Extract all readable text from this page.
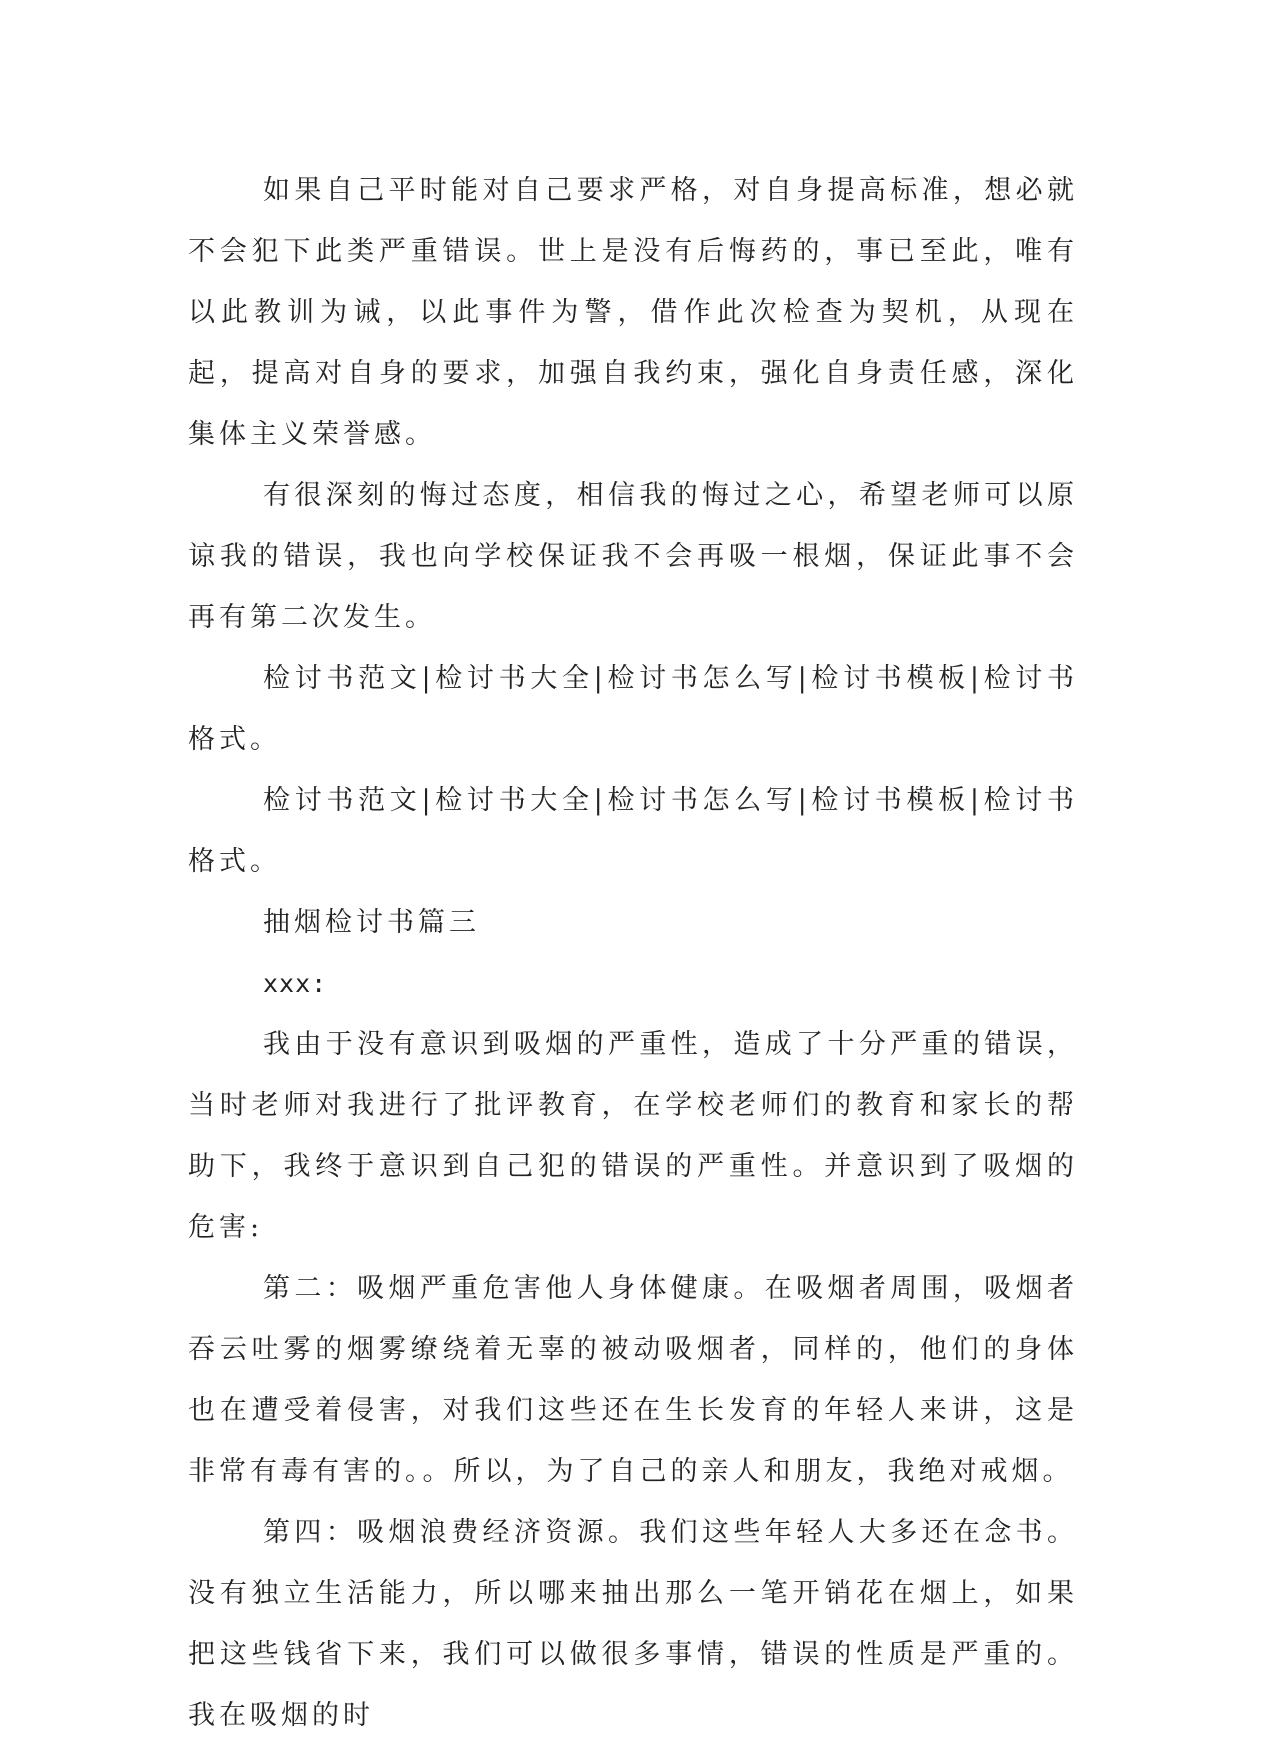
如果自己平时能对自己要求严格，对自身提高标准，想必就不会犯下此类严重错误。世上是没有后悔药的，事已至此，唯有以此教训为诫，以此事件为警，借作此次检查为契机，从现在起，提高对自身的要求，加强自我约束，强化自身责任感，深化集体主义荣誉感。

有很深刻的悔过态度，相信我的悔过之心，希望老师可以原谅我的错误，我也向学校保证我不会再吸一根烟，保证此事不会再有第二次发生。

检讨书范文|检讨书大全|检讨书怎么写|检讨书模板|检讨书格式。

检讨书范文|检讨书大全|检讨书怎么写|检讨书模板|检讨书格式。

抽烟检讨书篇三

xxx:

我由于没有意识到吸烟的严重性，造成了十分严重的错误，当时老师对我进行了批评教育，在学校老师们的教育和家长的帮助下，我终于意识到自己犯的错误的严重性。并意识到了吸烟的危害:

第二：吸烟严重危害他人身体健康。在吸烟者周围，吸烟者吞云吐雾的烟雾缭绕着无辜的被动吸烟者，同样的，他们的身体也在遭受着侵害，对我们这些还在生长发育的年轻人来讲，这是非常有毒有害的。。所以，为了自己的亲人和朋友，我绝对戒烟。

第四：吸烟浪费经济资源。我们这些年轻人大多还在念书。没有独立生活能力，所以哪来抽出那么一笔开销花在烟上，如果把这些钱省下来，我们可以做很多事情，错误的性质是严重的。我在吸烟的时
